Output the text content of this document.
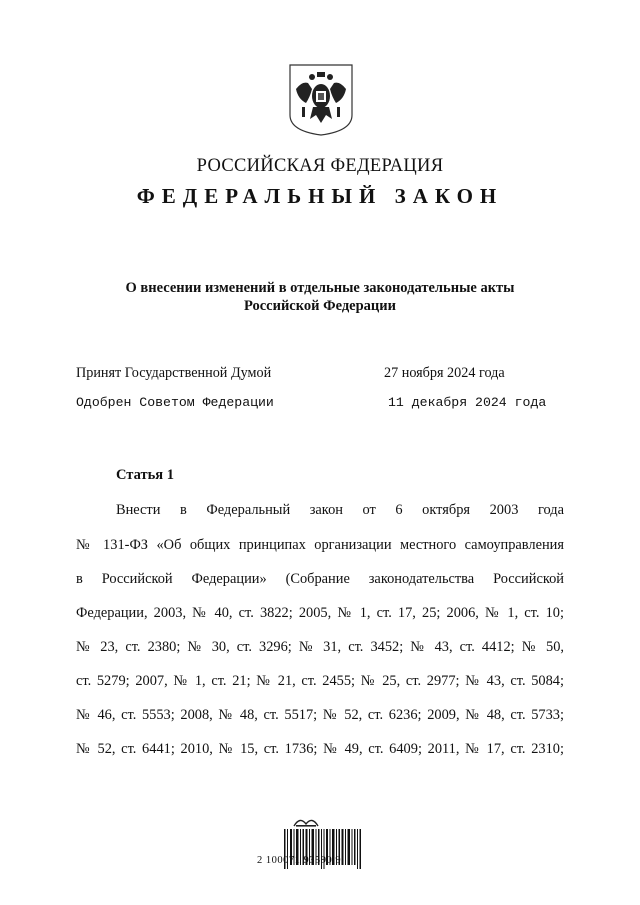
РОССИЙСКАЯ ФЕДЕРАЦИЯ
ФЕДЕРАЛЬНЫЙ ЗАКОН
О внесении изменений в отдельные законодательные акты
Российской Федерации
Принят Государственной Думой	27 ноября 2024 года
Одобрен Советом Федерации	11 декабря 2024 года
Статья 1
Внести в Федеральный закон от 6 октября 2003 года
№ 131-ФЗ «Об общих принципах организации местного самоуправления
в Российской Федерации» (Собрание законодательства Российской
Федерации, 2003, № 40, ст. 3822; 2005, № 1, ст. 17, 25; 2006, № 1, ст. 10;
№ 23, ст. 2380; № 30, ст. 3296; № 31, ст. 3452; № 43, ст. 4412; № 50,
ст. 5279; 2007, № 1, ст. 21; № 21, ст. 2455; № 25, ст. 2977; № 43, ст. 5084;
№ 46, ст. 5553; 2008, № 48, ст. 5517; № 52, ст. 6236; 2009, № 48, ст. 5733;
№ 52, ст. 6441; 2010, № 15, ст. 1736; № 49, ст. 6409; 2011, № 17, ст. 2310;
2 100071 93590 9
